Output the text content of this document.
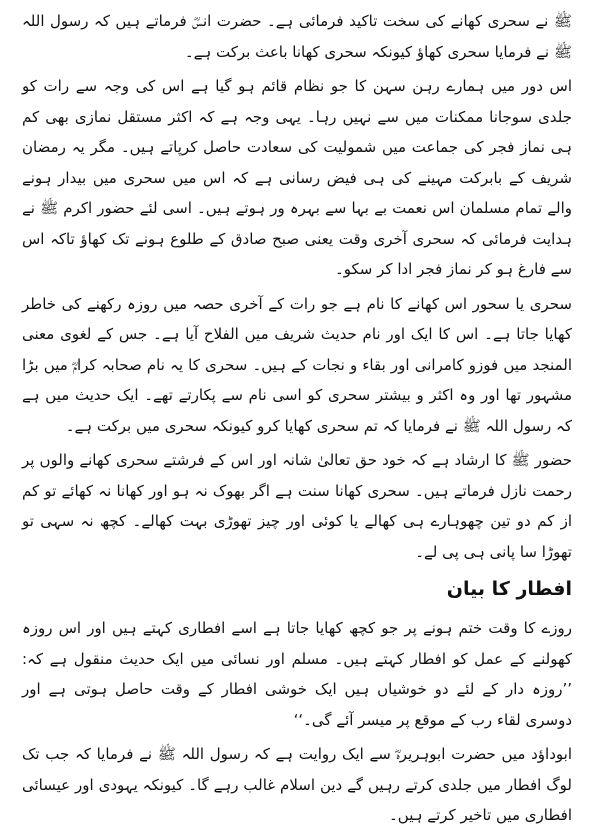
ﷺ نے سحری کھانے کی سخت تاکید فرمائی ہے۔ حضرت انسؓ فرماتے ہیں کہ رسول اللہ ﷺ نے فرمایا سحری کھاؤ کیونکہ سحری کھانا باعث برکت ہے۔

اس دور میں ہمارے رہن سہن کا جو نظام قائم ہو گیا ہے اس کی وجہ سے رات کو جلدی سوجانا ممکنات میں سے نہیں رہا۔ یہی وجہ ہے کہ اکثر مستقل نمازی بھی کم ہی نماز فجر کی جماعت میں شمولیت کی سعادت حاصل کرپاتے ہیں۔ مگر یہ رمضان شریف کے بابرکت مہینے کی ہی فیض رسانی ہے کہ اس میں سحری میں بیدار ہونے والے تمام مسلمان اس نعمت بے بہا سے بہرہ ور ہوتے ہیں۔ اسی لئے حضور اکرم ﷺ نے ہدایت فرمائی کہ سحری آخری وقت یعنی صبح صادق کے طلوع ہونے تک کھاؤ تاکہ اس سے فارغ ہو کر نماز فجر ادا کر سکو۔

سحری یا سحور اس کھانے کا نام ہے جو رات کے آخری حصہ میں روزہ رکھنے کی خاطر کھایا جاتا ہے۔ اس کا ایک اور نام حدیث شریف میں الفلاح آیا ہے۔ جس کے لغوی معنی المنجد میں فوزو کامرانی اور بقاء و نجات کے ہیں۔ سحری کا یہ نام صحابہ کرامؓ میں بڑا مشہور تھا اور وہ اکثر و بیشتر سحری کو اسی نام سے پکارتے تھے۔ ایک حدیث میں ہے کہ رسول اللہ ﷺ نے فرمایا کہ تم سحری کھایا کرو کیونکہ سحری میں برکت ہے۔

حضور ﷺ کا ارشاد ہے کہ خود حق تعالیٰ شانہ اور اس کے فرشتے سحری کھانے والوں پر رحمت نازل فرماتے ہیں۔ سحری کھانا سنت ہے اگر بھوک نہ ہو اور کھانا نہ کھائے تو کم از کم دو تین چھوہارے ہی کھالے یا کوئی اور چیز تھوڑی بہت کھالے۔ کچھ نہ سہی تو تھوڑا سا پانی ہی پی لے۔

افطار کا بیان

روزے کا وقت ختم ہونے پر جو کچھ کھایا جاتا ہے اسے افطاری کہتے ہیں اور اس روزہ کھولنے کے عمل کو افطار کہتے ہیں۔ مسلم اور نسائی میں ایک حدیث منقول ہے کہ: ’’روزہ دار کے لئے دو خوشیاں ہیں ایک خوشی افطار کے وقت حاصل ہوتی ہے اور دوسری لقاء رب کے موقع پر میسر آئے گی۔‘‘

ابوداؤد میں حضرت ابوہریرہؓ سے ایک روایت ہے کہ رسول اللہ ﷺ نے فرمایا کہ جب تک لوگ افطار میں جلدی کرتے رہیں گے دین اسلام غالب رہے گا۔ کیونکہ یہودی اور عیسائی افطاری میں تاخیر کرتے ہیں۔
